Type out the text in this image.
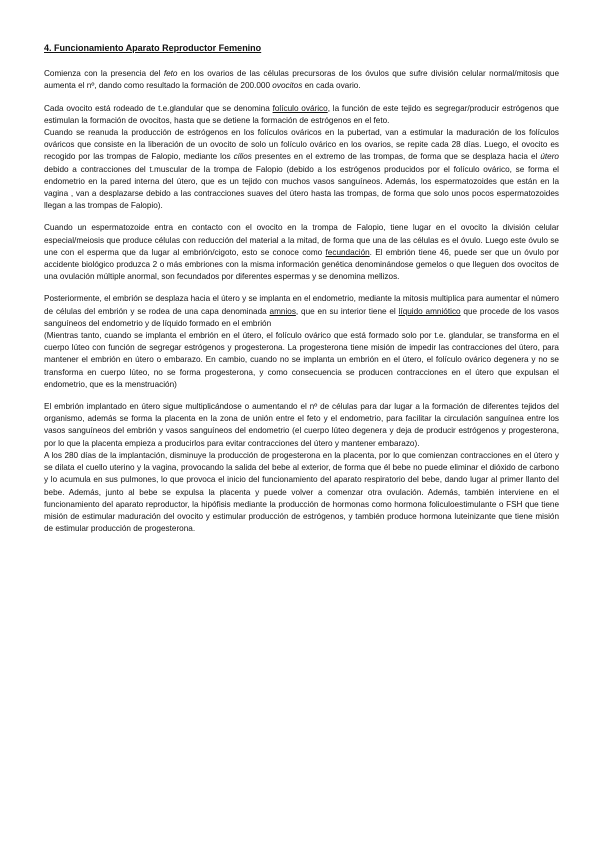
4. Funcionamiento Aparato Reproductor Femenino

Comienza con la presencia del feto en los ovarios de las células precursoras de los óvulos que sufre división celular normal/mitosis que aumenta el nº, dando como resultado la formación de 200.000 ovocitos en cada ovario.

Cada ovocito está rodeado de t.e.glandular que se denomina folículo ovárico, la función de este tejido es segregar/producir estrógenos que estimulan la formación de ovocitos, hasta que se detiene la formación de estrógenos en el feto.

Cuando se reanuda la producción de estrógenos en los folículos ováricos en la pubertad, van a estimular la maduración de los folículos ováricos que consiste en la liberación de un ovocito de solo un folículo ovárico en los ovarios, se repite cada 28 días. Luego, el ovocito es recogido por las trompas de Falopio, mediante los cilios presentes en el extremo de las trompas, de forma que se desplaza hacia el útero debido a contracciones del t.muscular de la trompa de Falopio (debido a los estrógenos producidos por el folículo ovárico, se forma el endometrio en la pared interna del útero, que es un tejido con muchos vasos sanguíneos. Además, los espermatozoides que están en la vagina , van a desplazarse debido a las contracciones suaves del útero hasta las trompas, de forma que solo unos pocos espermatozoides llegan a las trompas de Falopio).

Cuando un espermatozoide entra en contacto con el ovocito en la trompa de Falopio, tiene lugar en el ovocito la división celular especial/meiosis que produce células con reducción del material a la mitad, de forma que una de las células es el óvulo. Luego este óvulo se une con el esperma que da lugar al embrión/cigoto, esto se conoce como fecundación. El embrión tiene 46, puede ser que un óvulo por accidente biológico produzca 2 o más embriones con la misma información genética denominándose gemelos o que lleguen dos ovocitos de una ovulación múltiple anormal, son fecundados por diferentes espermas y se denomina mellizos.

Posteriormente, el embrión se desplaza hacia el útero y se implanta en el endometrio, mediante la mitosis multiplica para aumentar el número de células del embrión y se rodea de una capa denominada amnios, que en su interior tiene el líquido amniótico que procede de los vasos sanguíneos del endometrio y de líquido formado en el embrión

(Mientras tanto, cuando se implanta el embrión en el útero, el folículo ovárico que está formado solo por t.e. glandular, se transforma en el cuerpo lúteo con función de segregar estrógenos y progesterona. La progesterona tiene misión de impedir las contracciones del útero, para mantener el embrión en útero o embarazo. En cambio, cuando no se implanta un embrión en el útero, el folículo ovárico degenera y no se transforma en cuerpo lúteo, no se forma progesterona, y como consecuencia se producen contracciones en el útero que expulsan el endometrio, que es la menstruación)

El embrión implantado en útero sigue multiplicándose o aumentando el nº de células para dar lugar a la formación de diferentes tejidos del organismo, además se forma la placenta en la zona de unión entre el feto y el endometrio, para facilitar la circulación sanguínea entre los vasos sanguíneos del embrión y vasos sanguíneos del endometrio (el cuerpo lúteo degenera y deja de producir estrógenos y progesterona, por lo que la placenta empieza a producirlos para evitar contracciones del útero y mantener embarazo).

A los 280 días de la implantación, disminuye la producción de progesterona en la placenta, por lo que comienzan contracciones en el útero y se dilata el cuello uterino y la vagina, provocando la salida del bebe al exterior, de forma que él bebe no puede eliminar el dióxido de carbono y lo acumula en sus pulmones, lo que provoca el inicio del funcionamiento del aparato respiratorio del bebe, dando lugar al primer llanto del bebe. Además, junto al bebe se expulsa la placenta y puede volver a comenzar otra ovulación. Además, también interviene en el funcionamiento del aparato reproductor, la hipófisis mediante la producción de hormonas como hormona foliculoestimulante o FSH que tiene misión de estimular maduración del ovocito y estimular producción de estrógenos, y también produce hormona luteinizante que tiene misión de estimular producción de progesterona.
